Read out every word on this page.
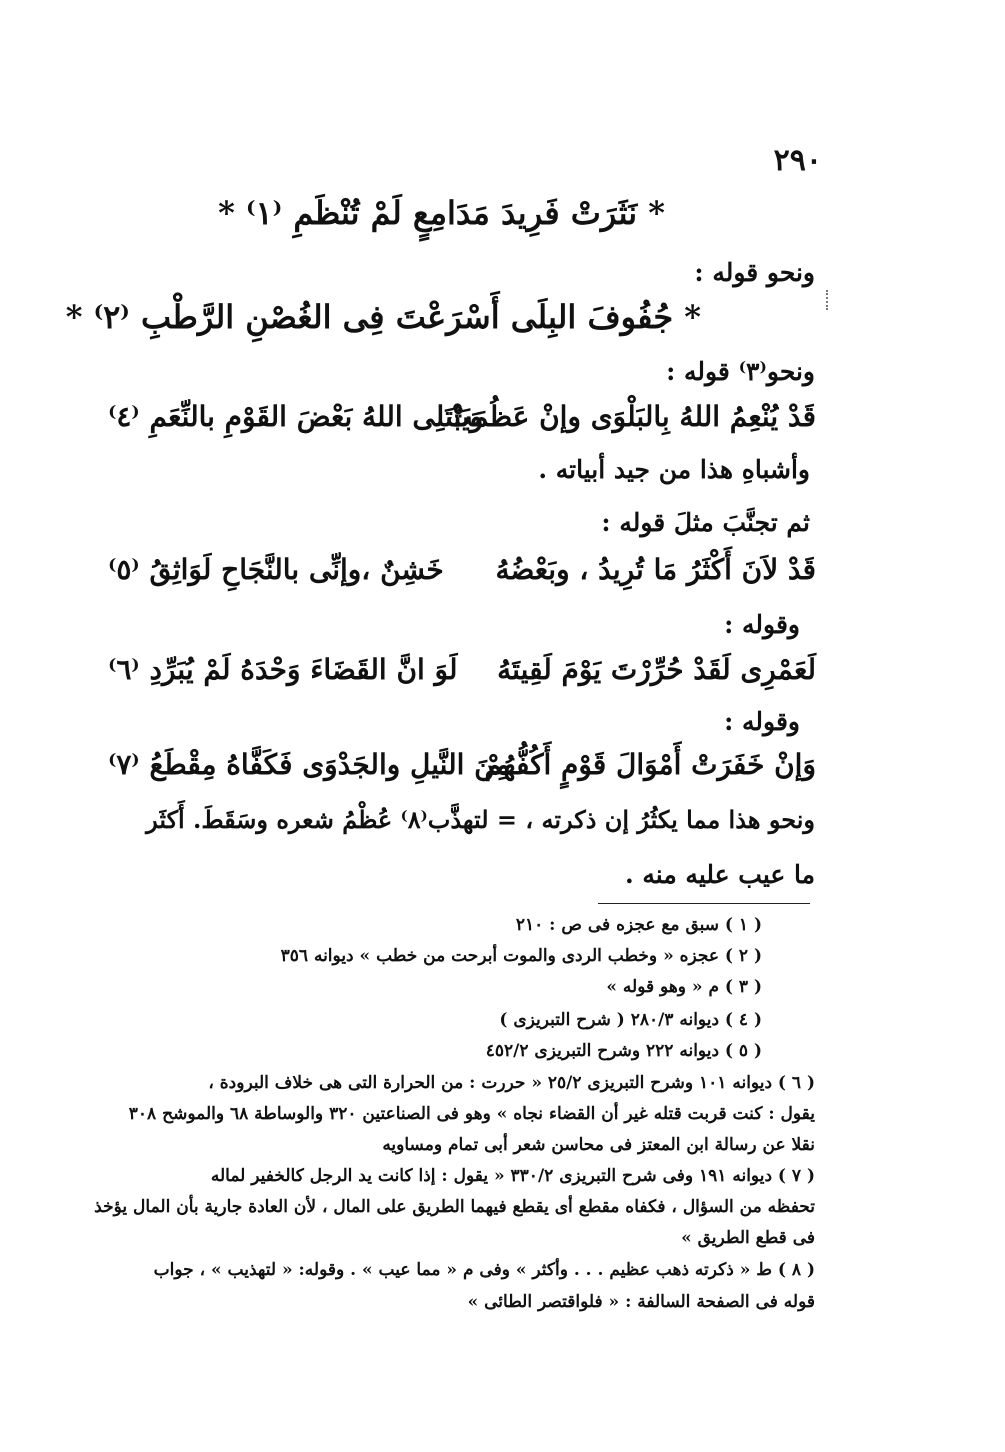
٢٩٠
* نَثَرَتْ فَرِيدَ مَدَامِعٍ لَمْ تُنْظَمِ ⁽١⁾ *
ونحو قوله :
* جُفُوفَ البِلَى أَسْرَعْتَ فِى الغُصْنِ الرَّطْبِ ⁽٢⁾ *
ونحو⁽٣⁾ قوله :
قَدْ يُنْعِمُ اللهُ بِالبَلْوَى وإنْ عَظُمَتْ
وَيَبْتَلِى اللهُ بَعْضَ القَوْمِ بالنِّعَمِ ⁽٤⁾
وأشباهِ هذا من جيد أبياته .
ثم تجنَّبَ مثلَ قوله :
قَدْ لاَنَ أَكْثَرُ مَا تُرِيدُ ، وبَعْضُهُ
خَشِنٌ ،وإنِّى بالنَّجَاحِ لَوَاثِقُ ⁽٥⁾
وقوله :
لَعَمْرِى لَقَدْ حُرِّرْتَ يَوْمَ لَقِيتَهُ
لَوَ انَّ القَضَاءَ وَحْدَهُ لَمْ يُبَرِّدِ ⁽٦⁾
وقوله :
وَإنْ خَفَرَتْ أَمْوَالَ قَوْمٍ أَكُفُّهُمْ
مِنَ النَّيلِ والجَدْوَى فَكَفَّاهُ مِقْطَعُ ⁽٧⁾
ونحو هذا مما يكثُرُ إن ذكرته ، = لتهذَّب⁽٨⁾ عُظْمُ شعره وسَقَطَ. أَكثَر
ما عيب عليه منه .
( ١ ) سبق مع عجزه فى ص : ٢١٠
( ٢ ) عجزه « وخطب الردى والموت أبرحت من خطب » ديوانه ٣٥٦
( ٣ ) م « وهو قوله »
( ٤ ) ديوانه ٢٨٠/٣ ( شرح التبريزى )
( ٥ ) ديوانه ٢٢٢ وشرح التبريزى ٤٥٢/٢
( ٦ ) ديوانه ١٠١ وشرح التبريزى ٢٥/٢ « حررت : من الحرارة التى هى خلاف البرودة ،
يقول : كنت قربت قتله غير أن القضاء نجاه » وهو فى الصناعتين ٣٢٠ والوساطة ٦٨ والموشح ٣٠٨
نقلا عن رسالة ابن المعتز فى محاسن شعر أبى تمام ومساويه
( ٧ ) ديوانه ١٩١ وفى شرح التبريزى ٣٣٠/٢ « يقول : إذا كانت يد الرجل كالخفير لماله
تحفظه من السؤال ، فكفاه مقطع أى يقطع فيهما الطريق على المال ، لأن العادة جارية بأن المال يؤخذ
فى قطع الطريق »
( ٨ ) ط « ذكرته ذهب عظيم . . . وأكثر » وفى م « مما عيب » . وقوله: « لتهذيب » ، جواب
قوله فى الصفحة السالفة : « فلواقتصر الطائى »
